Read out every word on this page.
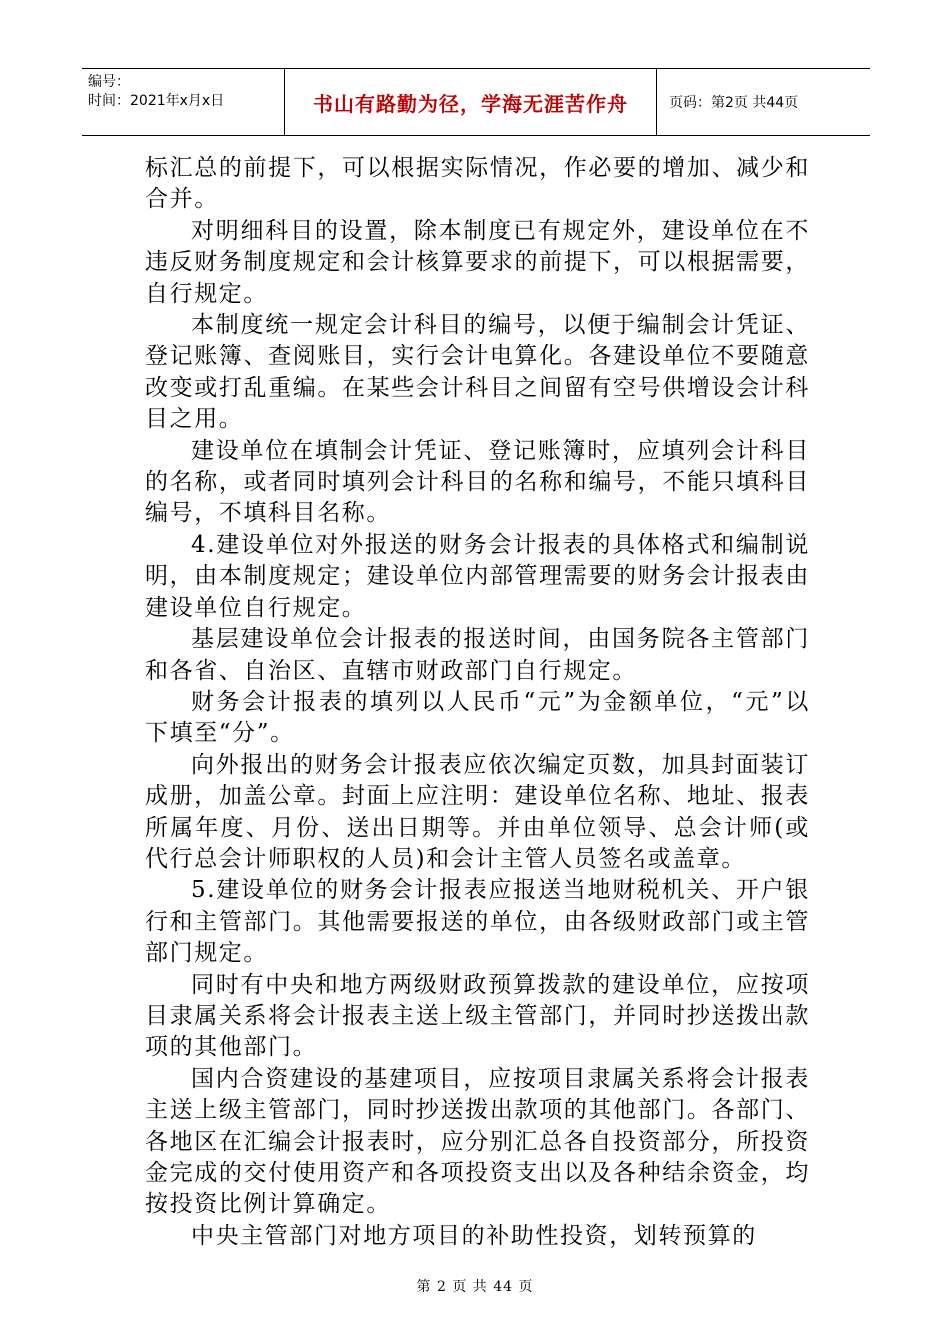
编号：
时间：2021年x月x日	书山有路勤为径，学海无涯苦作舟	页码：第2页 共44页

标汇总的前提下，可以根据实际情况，作必要的增加、减少和合并。

对明细科目的设置，除本制度已有规定外，建设单位在不违反财务制度规定和会计核算要求的前提下，可以根据需要，自行规定。

本制度统一规定会计科目的编号，以便于编制会计凭证、登记账簿、查阅账目，实行会计电算化。各建设单位不要随意改变或打乱重编。在某些会计科目之间留有空号供增设会计科目之用。

建设单位在填制会计凭证、登记账簿时，应填列会计科目的名称，或者同时填列会计科目的名称和编号，不能只填科目编号，不填科目名称。

4.建设单位对外报送的财务会计报表的具体格式和编制说明，由本制度规定；建设单位内部管理需要的财务会计报表由建设单位自行规定。

基层建设单位会计报表的报送时间，由国务院各主管部门和各省、自治区、直辖市财政部门自行规定。

财务会计报表的填列以人民币“元”为金额单位，“元”以下填至“分”。

向外报出的财务会计报表应依次编定页数，加具封面装订成册，加盖公章。封面上应注明：建设单位名称、地址、报表所属年度、月份、送出日期等。并由单位领导、总会计师(或代行总会计师职权的人员)和会计主管人员签名或盖章。

5.建设单位的财务会计报表应报送当地财税机关、开户银行和主管部门。其他需要报送的单位，由各级财政部门或主管部门规定。

同时有中央和地方两级财政预算拨款的建设单位，应按项目隶属关系将会计报表主送上级主管部门，并同时抄送拨出款项的其他部门。

国内合资建设的基建项目，应按项目隶属关系将会计报表主送上级主管部门，同时抄送拨出款项的其他部门。各部门、各地区在汇编会计报表时，应分别汇总各自投资部分，所投资金完成的交付使用资产和各项投资支出以及各种结余资金，均按投资比例计算确定。

中央主管部门对地方项目的补助性投资，划转预算的

第 2 页 共 44 页
